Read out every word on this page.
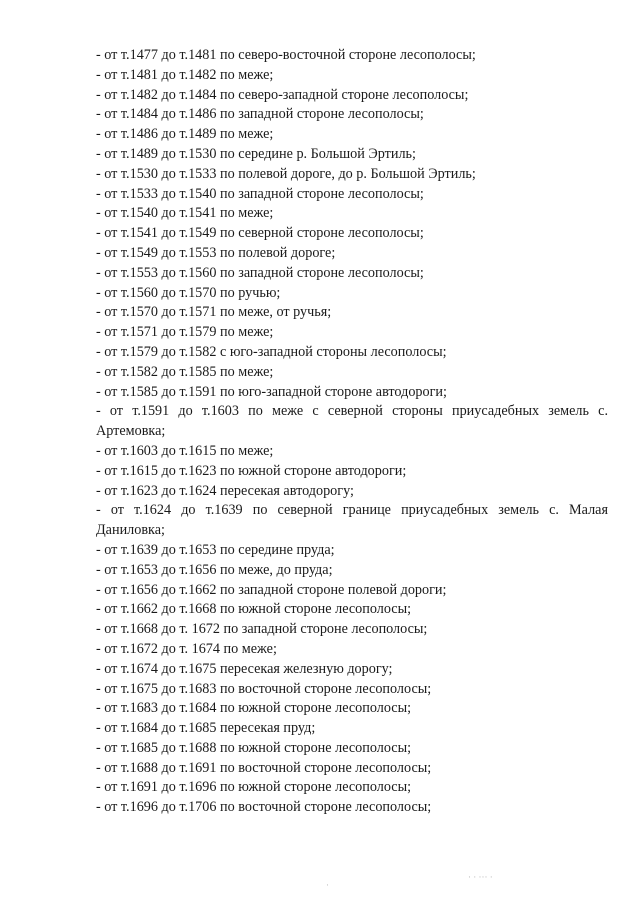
- от т.1477 до т.1481 по северо-восточной стороне лесополосы;
- от т.1481 до т.1482 по меже;
- от т.1482 до т.1484 по северо-западной стороне лесополосы;
- от т.1484 до т.1486 по западной стороне лесополосы;
- от т.1486 до т.1489 по меже;
- от т.1489 до т.1530 по середине р. Большой Эртиль;
- от т.1530 до т.1533 по полевой дороге, до р. Большой Эртиль;
- от т.1533 до т.1540 по западной стороне лесополосы;
- от т.1540 до т.1541 по меже;
- от т.1541 до т.1549 по северной стороне лесополосы;
- от т.1549 до т.1553 по полевой дороге;
- от т.1553 до т.1560 по западной стороне лесополосы;
- от т.1560 до т.1570 по ручью;
- от т.1570 до т.1571 по меже, от ручья;
- от т.1571 до т.1579 по меже;
- от т.1579 до т.1582 с юго-западной стороны лесополосы;
- от т.1582 до т.1585 по меже;
- от т.1585 до т.1591 по юго-западной стороне автодороги;
- от т.1591 до т.1603 по меже с северной стороны приусадебных земель с.
Артемовка;
- от т.1603 до т.1615 по меже;
- от т.1615 до т.1623 по южной стороне автодороги;
- от т.1623 до т.1624 пересекая автодорогу;
- от т.1624 до т.1639 по северной границе приусадебных земель с. Малая
Даниловка;
- от т.1639 до т.1653 по середине пруда;
- от т.1653 до т.1656 по меже, до пруда;
- от т.1656 до т.1662 по западной стороне полевой дороги;
- от т.1662 до т.1668 по южной стороне лесополосы;
- от т.1668 до т. 1672 по западной стороне лесополосы;
- от т.1672 до т. 1674 по меже;
- от т.1674 до т.1675 пересекая железную дорогу;
- от т.1675 до т.1683 по восточной стороне лесополосы;
- от т.1683 до т.1684 по южной стороне лесополосы;
- от т.1684 до т.1685 пересекая пруд;
- от т.1685 до т.1688 по южной стороне лесополосы;
- от т.1688 до т.1691 по восточной стороне лесополосы;
- от т.1691 до т.1696 по южной стороне лесополосы;
- от т.1696 до т.1706 по восточной стороне лесополосы;
· · ··· ·
·
